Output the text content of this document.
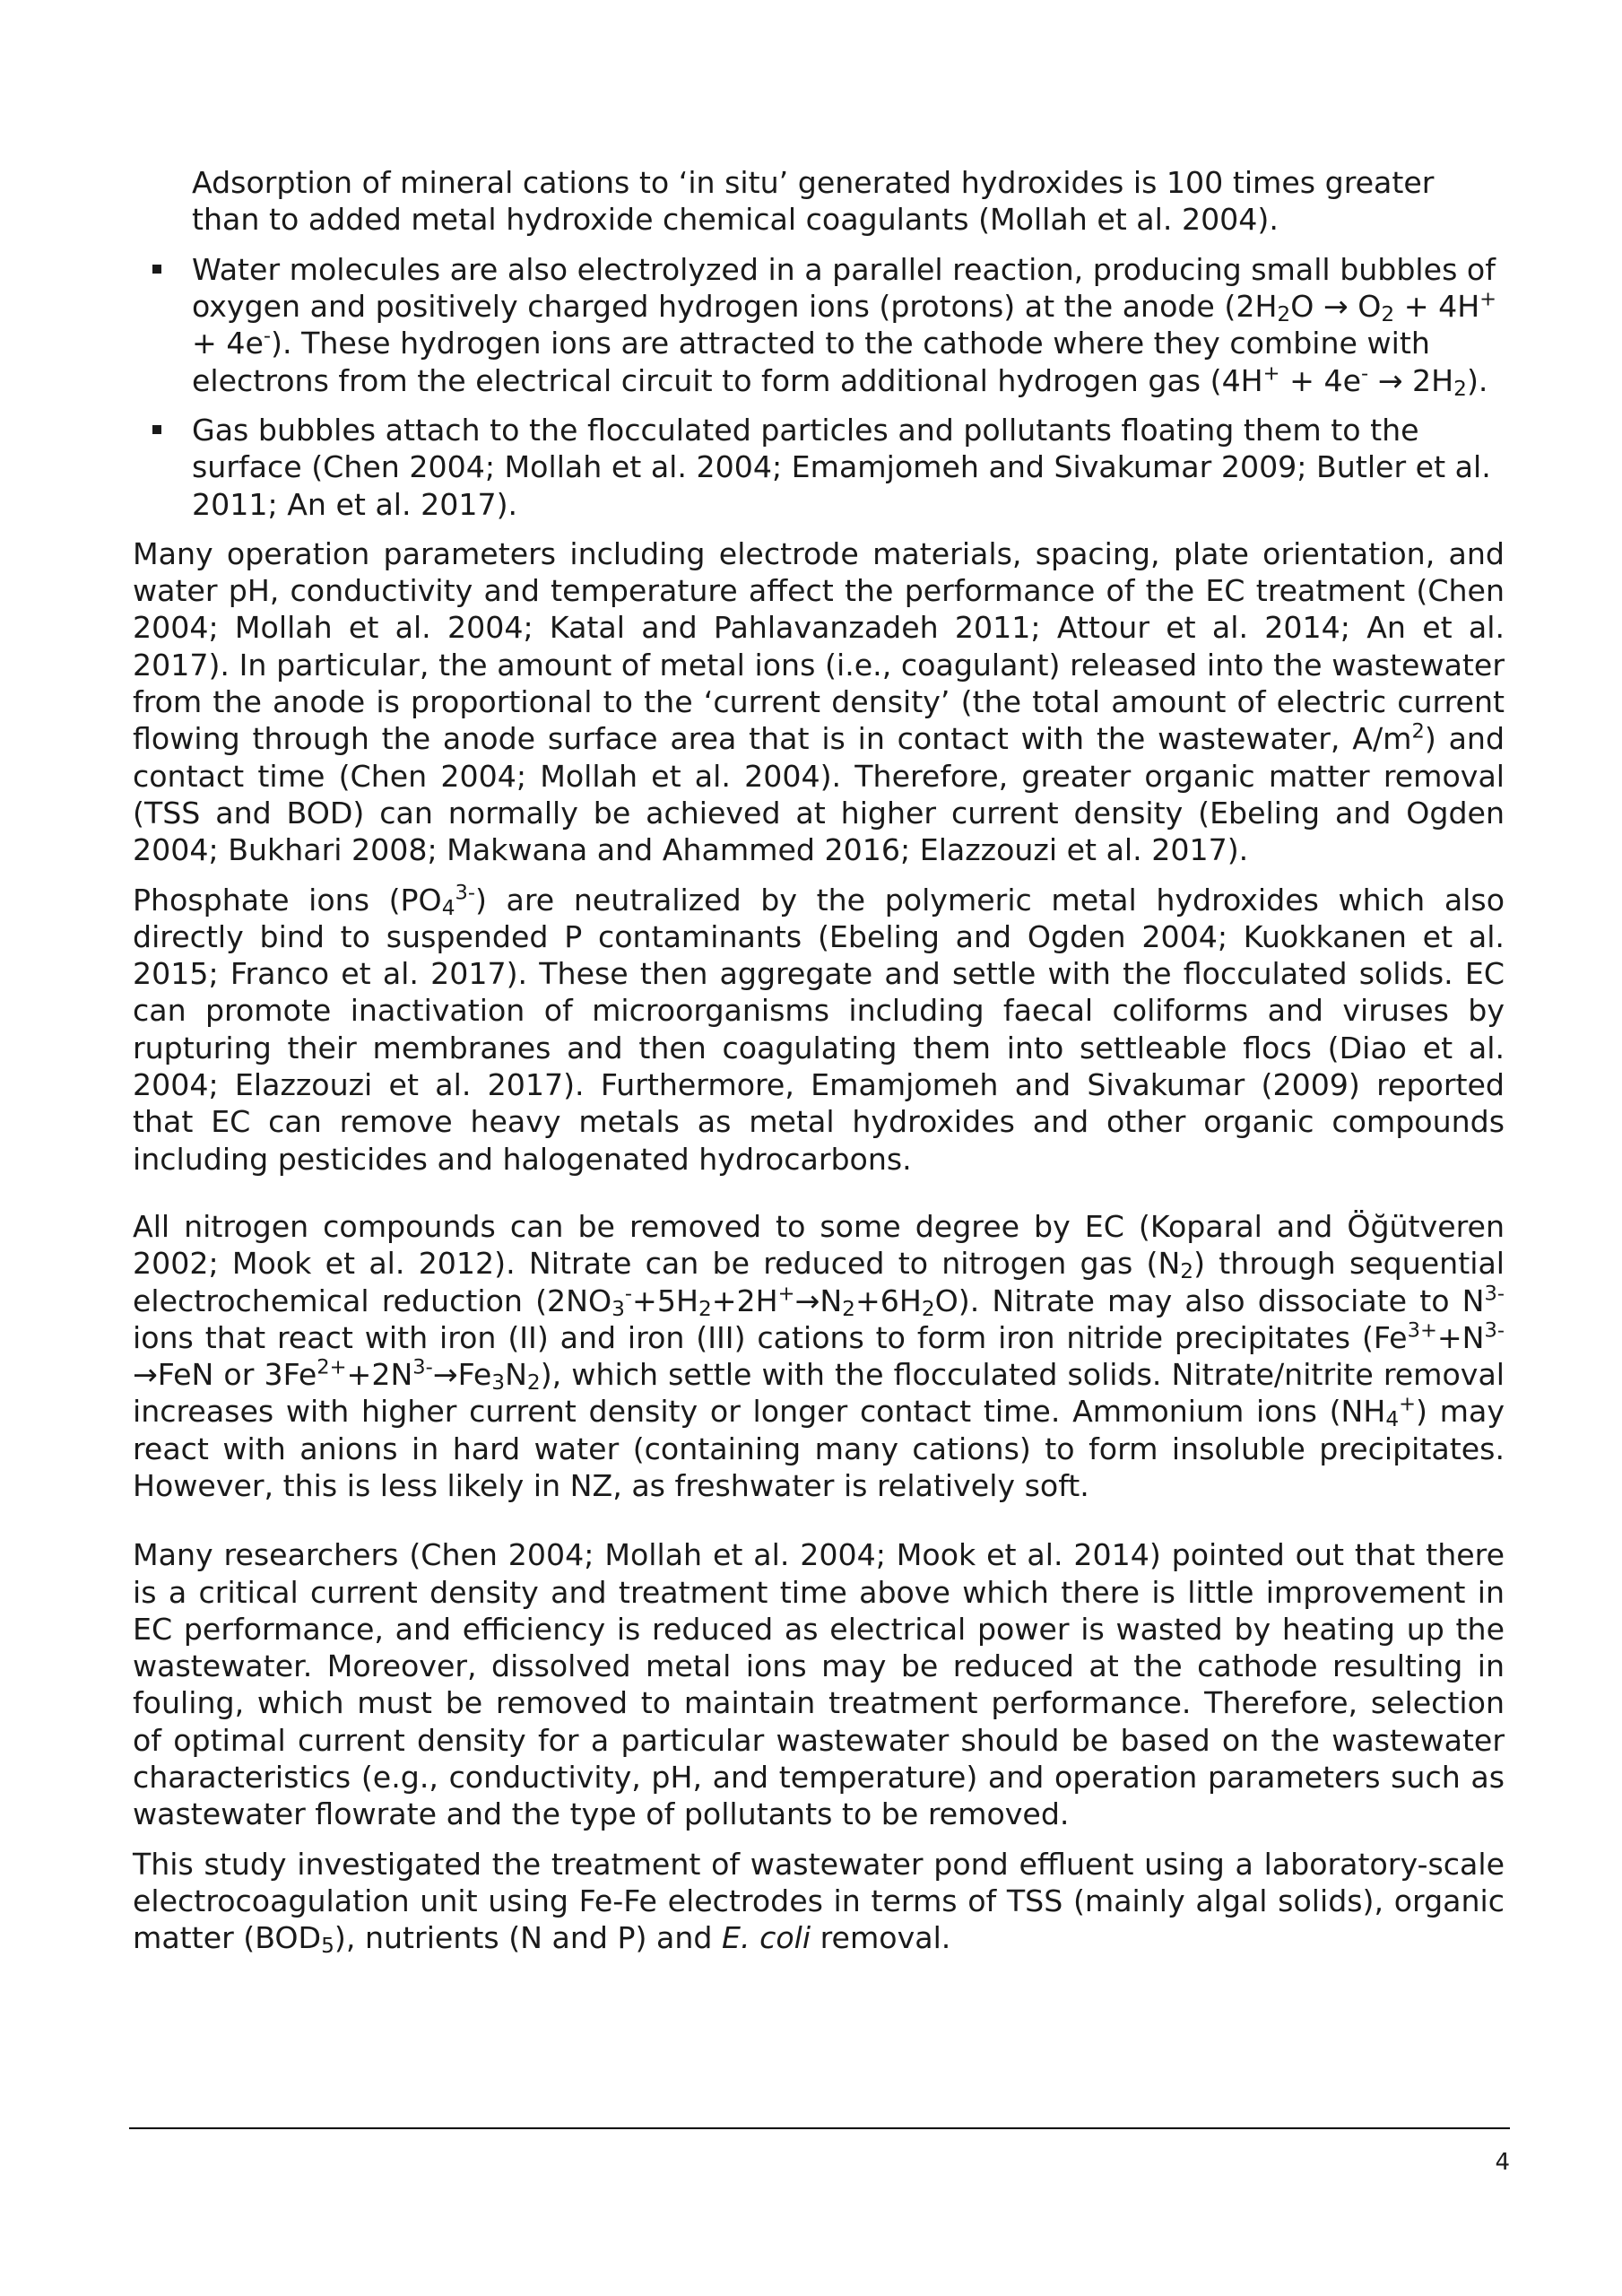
Adsorption of mineral cations to ‘in situ’ generated hydroxides is 100 times greater than to added metal hydroxide chemical coagulants (Mollah et al. 2004).

Water molecules are also electrolyzed in a parallel reaction, producing small bubbles of oxygen and positively charged hydrogen ions (protons) at the anode $(2H_2O \to O_2 + 4H^+ + 4e^-)$. These hydrogen ions are attracted to the cathode where they combine with electrons from the electrical circuit to form additional hydrogen gas $(4H^+ + 4e^- \to 2H_2)$.
Gas bubbles attach to the flocculated particles and pollutants floating them to the surface (Chen 2004; Mollah et al. 2004; Emamjomeh and Sivakumar 2009; Butler et al. 2011; An et al. 2017).

Many operation parameters including electrode materials, spacing, plate orientation, and water pH, conductivity and temperature affect the performance of the EC treatment (Chen 2004; Mollah et al. 2004; Katal and Pahlavanzadeh 2011; Attour et al. 2014; An et al. 2017). In particular, the amount of metal ions (i.e., coagulant) released into the wastewater from the anode is proportional to the ‘current density’ (the total amount of electric current flowing through the anode surface area that is in contact with the wastewater, $A/m^2$) and contact time (Chen 2004; Mollah et al. 2004). Therefore, greater organic matter removal (TSS and BOD) can normally be achieved at higher current density (Ebeling and Ogden 2004; Bukhari 2008; Makwana and Ahammed 2016; Elazzouzi et al. 2017).

Phosphate ions $(PO_4^{3-})$ are neutralized by the polymeric metal hydroxides which also directly bind to suspended P contaminants (Ebeling and Ogden 2004; Kuokkanen et al. 2015; Franco et al. 2017). These then aggregate and settle with the flocculated solids. EC can promote inactivation of microorganisms including faecal coliforms and viruses by rupturing their membranes and then coagulating them into settleable flocs (Diao et al. 2004; Elazzouzi et al. 2017). Furthermore, Emamjomeh and Sivakumar (2009) reported that EC can remove heavy metals as metal hydroxides and other organic compounds including pesticides and halogenated hydrocarbons.

All nitrogen compounds can be removed to some degree by EC (Koparal and Öğütveren 2002; Mook et al. 2012). Nitrate can be reduced to nitrogen gas $(N_2)$ through sequential electrochemical reduction $(2NO_3^-+5H_2+2H^+\to N_2+6H_2O)$. Nitrate may also dissociate to $N^{3-}$ ions that react with iron (II) and iron (III) cations to form iron nitride precipitates ($Fe^{3+}+N^{3-} \to FeN$ or $3Fe^{2+}+2N^{3-}\to Fe_3N_2$), which settle with the flocculated solids. Nitrate/nitrite removal increases with higher current density or longer contact time. Ammonium ions $(NH_4^+)$ may react with anions in hard water (containing many cations) to form insoluble precipitates. However, this is less likely in NZ, as freshwater is relatively soft.

Many researchers (Chen 2004; Mollah et al. 2004; Mook et al. 2014) pointed out that there is a critical current density and treatment time above which there is little improvement in EC performance, and efficiency is reduced as electrical power is wasted by heating up the wastewater. Moreover, dissolved metal ions may be reduced at the cathode resulting in fouling, which must be removed to maintain treatment performance. Therefore, selection of optimal current density for a particular wastewater should be based on the wastewater characteristics (e.g., conductivity, pH, and temperature) and operation parameters such as wastewater flowrate and the type of pollutants to be removed.

This study investigated the treatment of wastewater pond effluent using a laboratory-scale electrocoagulation unit using Fe-Fe electrodes in terms of TSS (mainly algal solids), organic matter $(BOD_5)$, nutrients (N and P) and E. coli removal.

4
